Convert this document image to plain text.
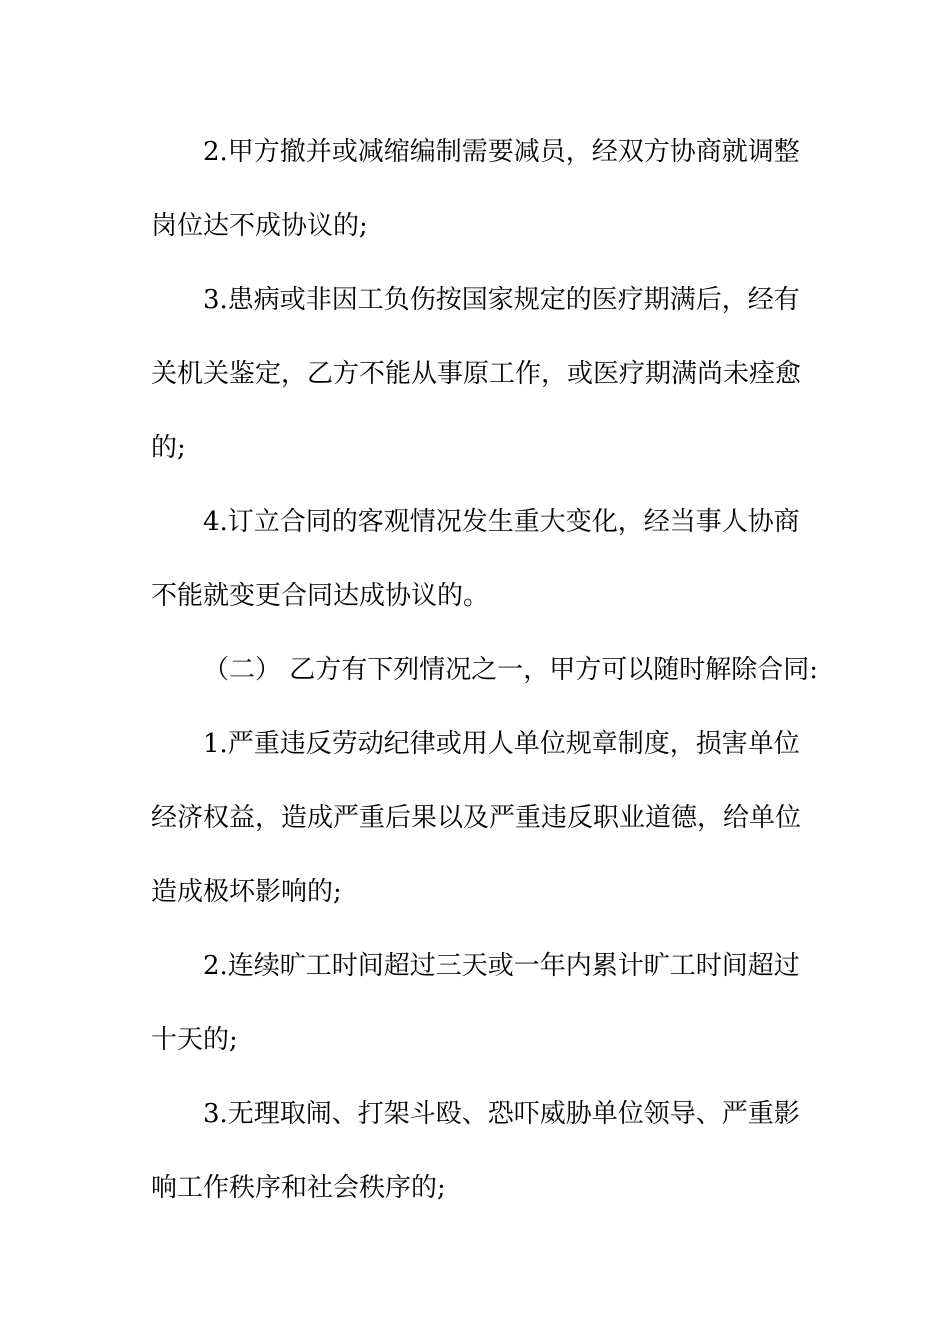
2.甲方撤并或减缩编制需要减员，经双方协商就调整
岗位达不成协议的;
3.患病或非因工负伤按国家规定的医疗期满后，经有
关机关鉴定，乙方不能从事原工作，或医疗期满尚未痊愈
的;
4.订立合同的客观情况发生重大变化，经当事人协商
不能就变更合同达成协议的。
（二） 乙方有下列情况之一，甲方可以随时解除合同:
1.严重违反劳动纪律或用人单位规章制度，损害单位
经济权益，造成严重后果以及严重违反职业道德，给单位
造成极坏影响的;
2.连续旷工时间超过三天或一年内累计旷工时间超过
十天的;
3.无理取闹、打架斗殴、恐吓威胁单位领导、严重影
响工作秩序和社会秩序的;
